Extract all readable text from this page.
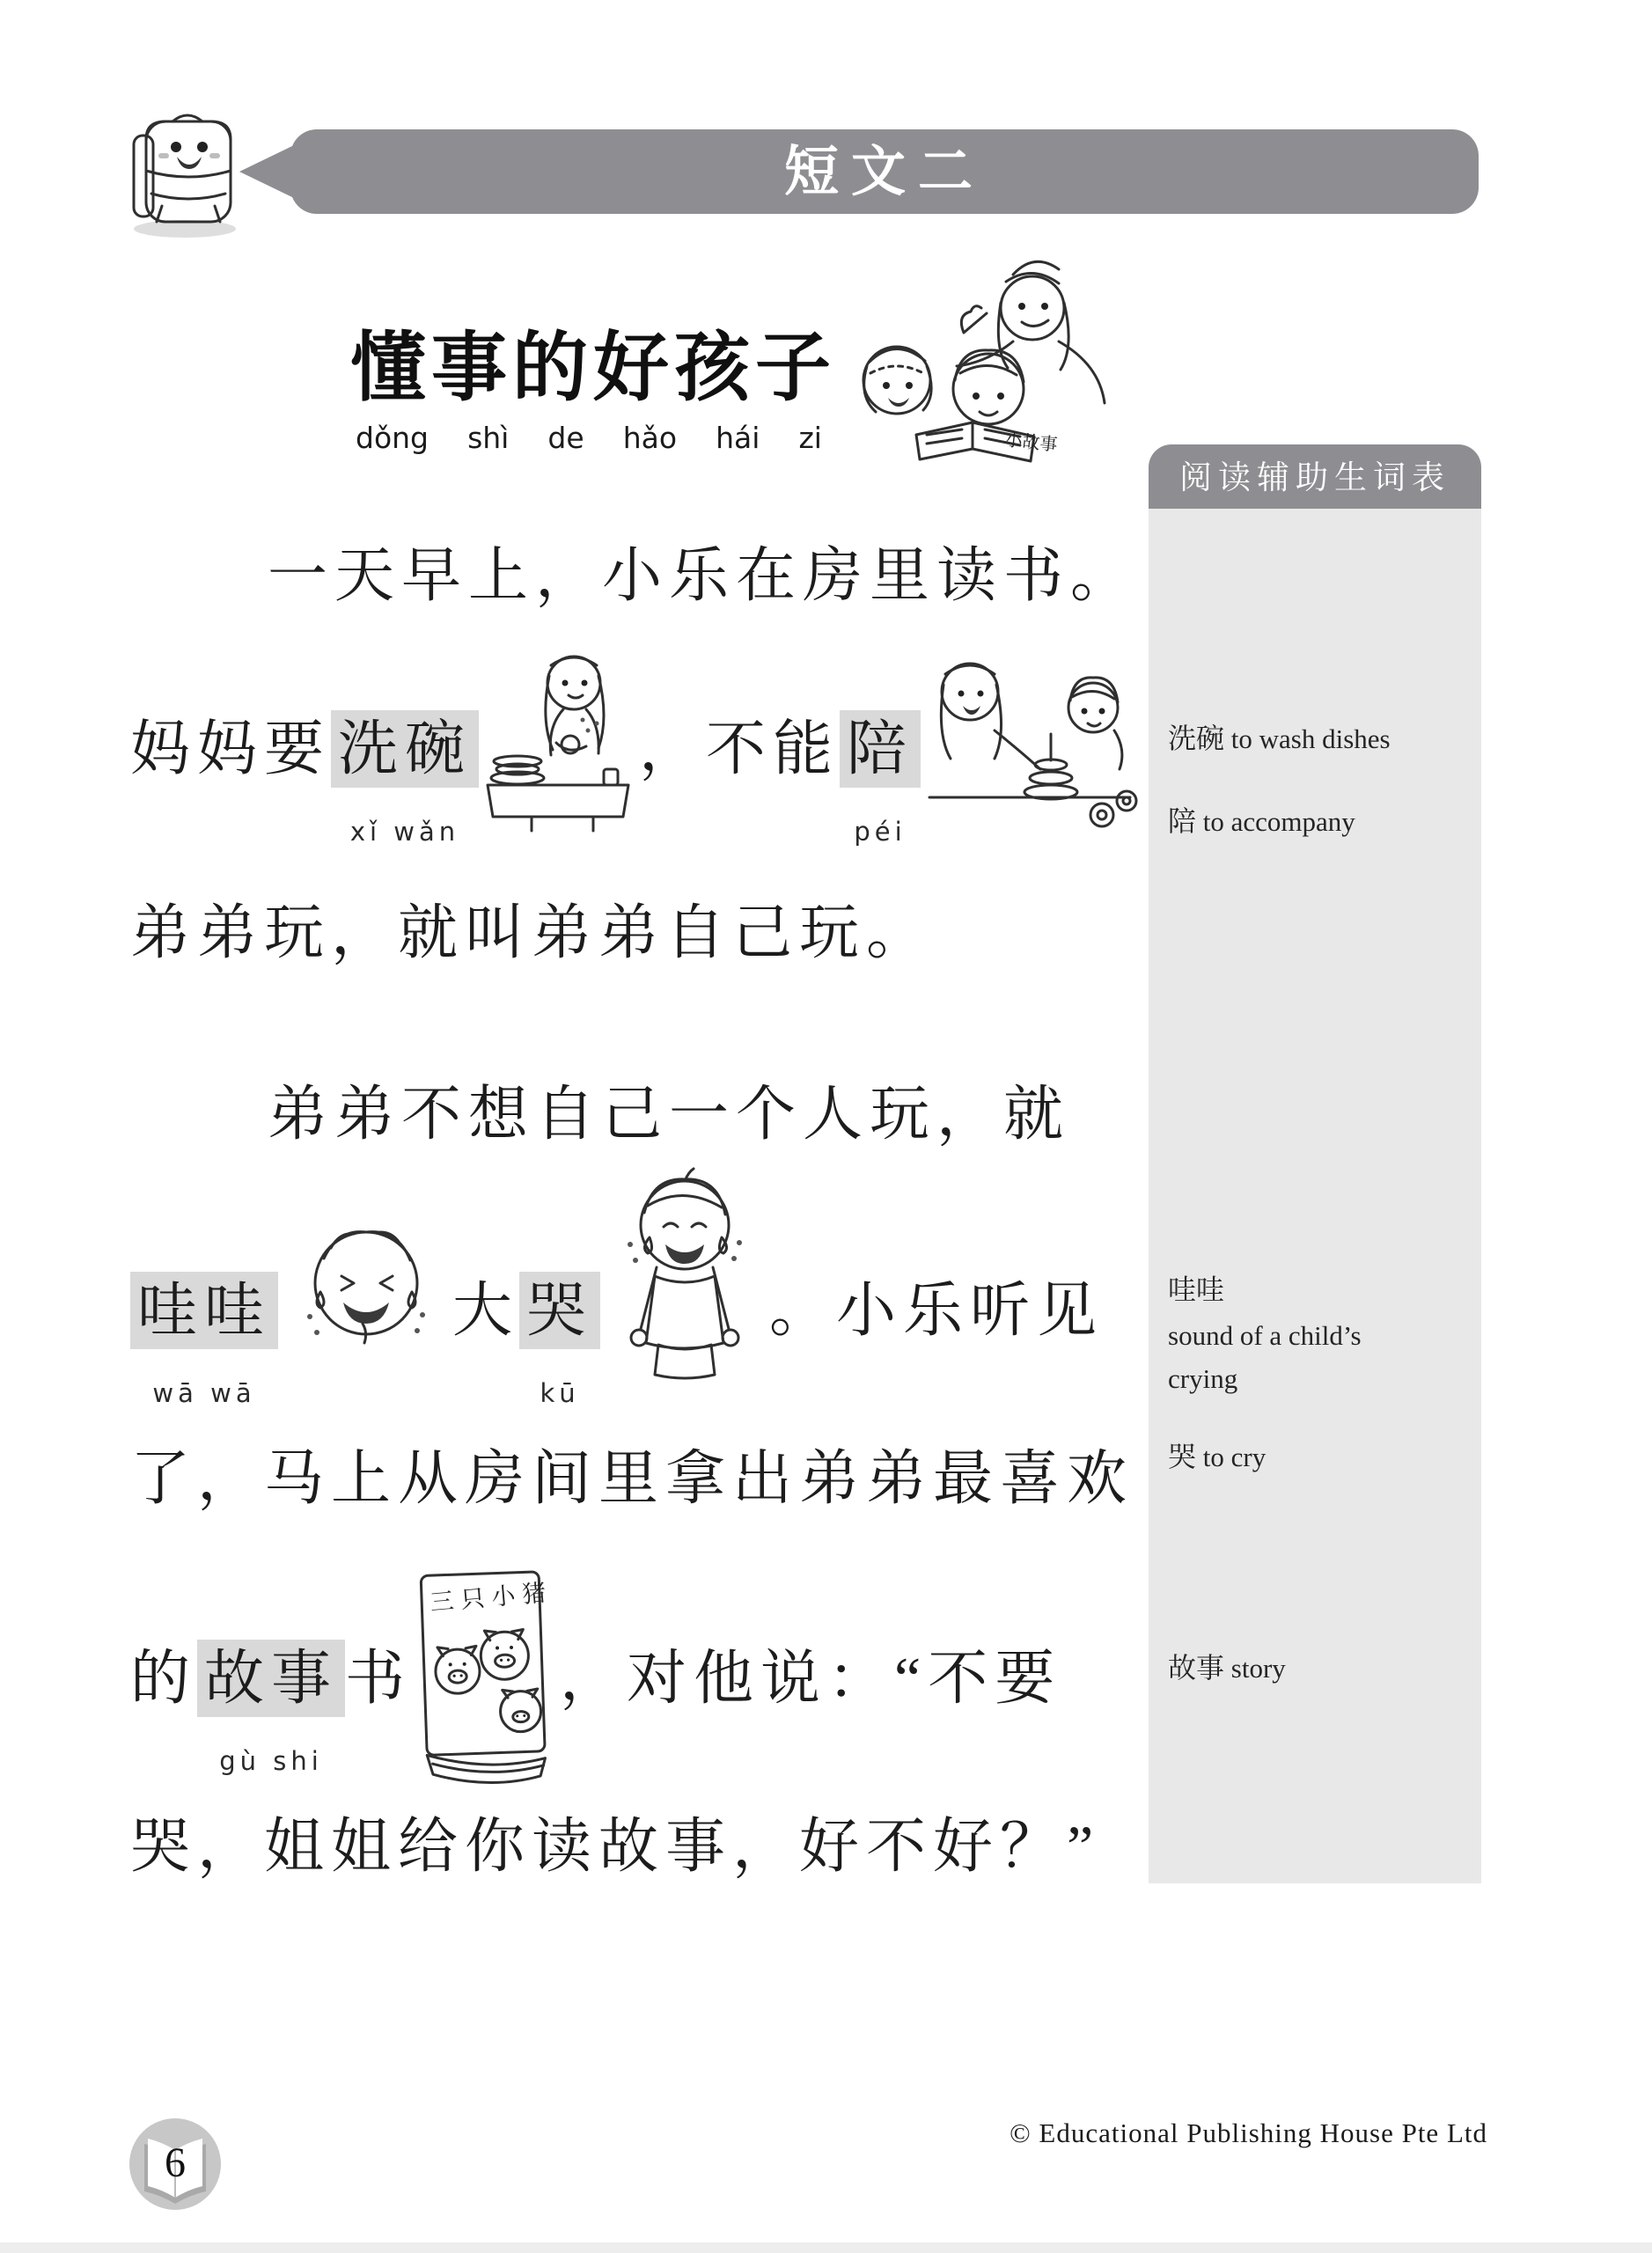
短文二
懂事的好孩子
dǒng shì de hǎo hái zi	小故事
阅读辅助生词表
洗碗 to wash dishes
陪 to accompany
哇哇
sound of a child’s crying
哭 to cry
故事 story
一天早上，小乐在房里读书。
妈妈要 洗碗
xǐ wǎn
，不能 陪
péi
弟弟玩，就叫弟弟自己玩。
弟弟不想自己一个人玩，就
哇哇
wā wā
大 哭
kū
。小乐听见
了，马上从房间里拿出弟弟最喜欢
的 故事
gù shi
书
三只小猪
，对他说：“不要
哭，姐姐给你读故事，好不好？”
6
© Educational Publishing House Pte Ltd
